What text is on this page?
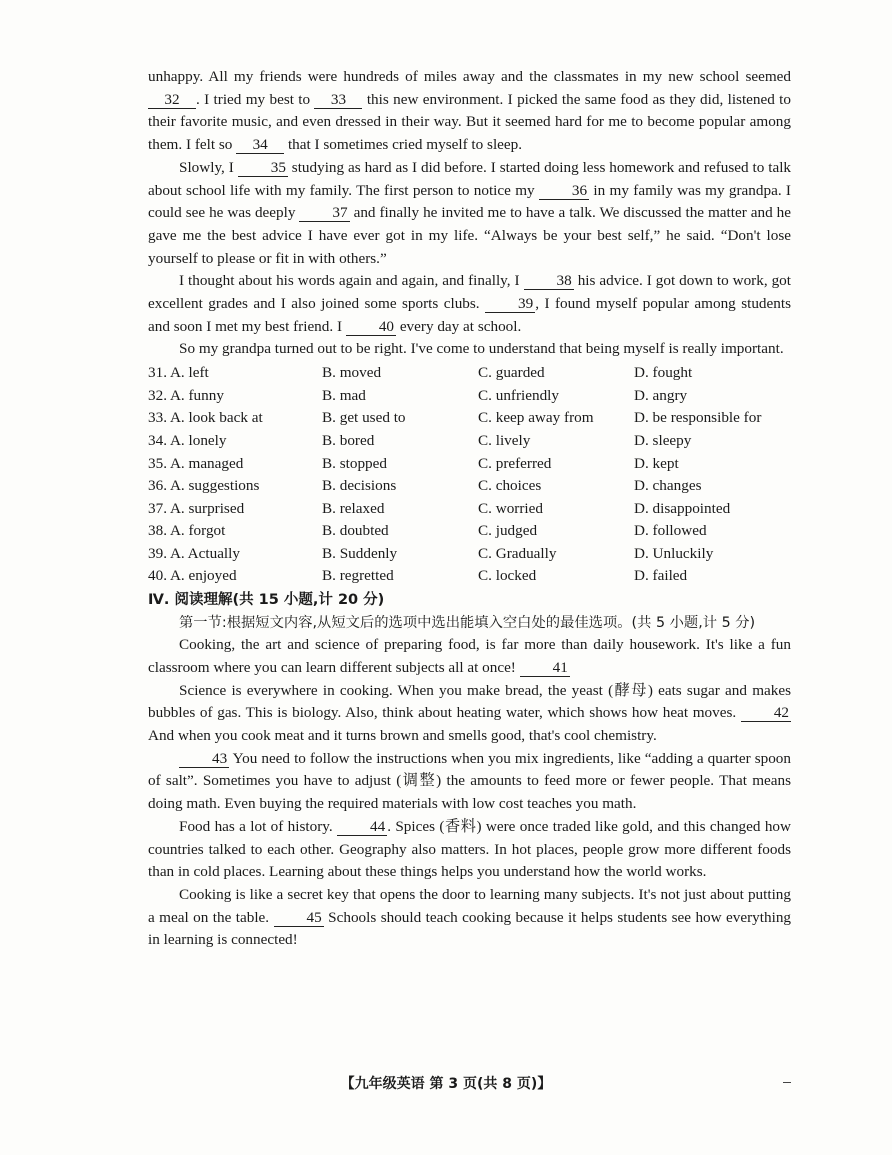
unhappy. All my friends were hundreds of miles away and the classmates in my new school seemed 32 . I tried my best to 33 this new environment. I picked the same food as they did, listened to their favorite music, and even dressed in their way. But it seemed hard for me to become popular among them. I felt so 34 that I sometimes cried myself to sleep.

Slowly, I 35 studying as hard as I did before. I started doing less homework and refused to talk about school life with my family. The first person to notice my 36 in my family was my grandpa. I could see he was deeply 37 and finally he invited me to have a talk. We discussed the matter and he gave me the best advice I have ever got in my life. “Always be your best self,” he said. “Don't lose yourself to please or fit in with others.”

I thought about his words again and again, and finally, I 38 his advice. I got down to work, got excellent grades and I also joined some sports clubs. 39 , I found myself popular among students and soon I met my best friend. I 40 every day at school.

So my grandpa turned out to be right. I've come to understand that being myself is really important.

31. A. left	B. moved	C. guarded	D. fought
32. A. funny	B. mad	C. unfriendly	D. angry
33. A. look back at	B. get used to	C. keep away from	D. be responsible for
34. A. lonely	B. bored	C. lively	D. sleepy
35. A. managed	B. stopped	C. preferred	D. kept
36. A. suggestions	B. decisions	C. choices	D. changes
37. A. surprised	B. relaxed	C. worried	D. disappointed
38. A. forgot	B. doubted	C. judged	D. followed
39. A. Actually	B. Suddenly	C. Gradually	D. Unluckily
40. A. enjoyed	B. regretted	C. locked	D. failed
Ⅳ. 阅读理解(共 15 小题,计 20 分)

第一节:根据短文内容,从短文后的选项中选出能填入空白处的最佳选项。(共 5 小题,计 5 分)

Cooking, the art and science of preparing food, is far more than daily housework. It's like a fun classroom where you can learn different subjects all at once! 41

Science is everywhere in cooking. When you make bread, the yeast (酵母) eats sugar and makes bubbles of gas. This is biology. Also, think about heating water, which shows how heat moves. 42 And when you cook meat and it turns brown and smells good, that's cool chemistry.

43 You need to follow the instructions when you mix ingredients, like “adding a quarter spoon of salt”. Sometimes you have to adjust (调整) the amounts to feed more or fewer people. That means doing math. Even buying the required materials with low cost teaches you math.

Food has a lot of history. 44 . Spices (香料) were once traded like gold, and this changed how countries talked to each other. Geography also matters. In hot places, people grow more different foods than in cold places. Learning about these things helps you understand how the world works.

Cooking is like a secret key that opens the door to learning many subjects. It's not just about putting a meal on the table. 45 Schools should teach cooking because it helps students see how everything in learning is connected!

【九年级英语 第 3 页(共 8 页)】
